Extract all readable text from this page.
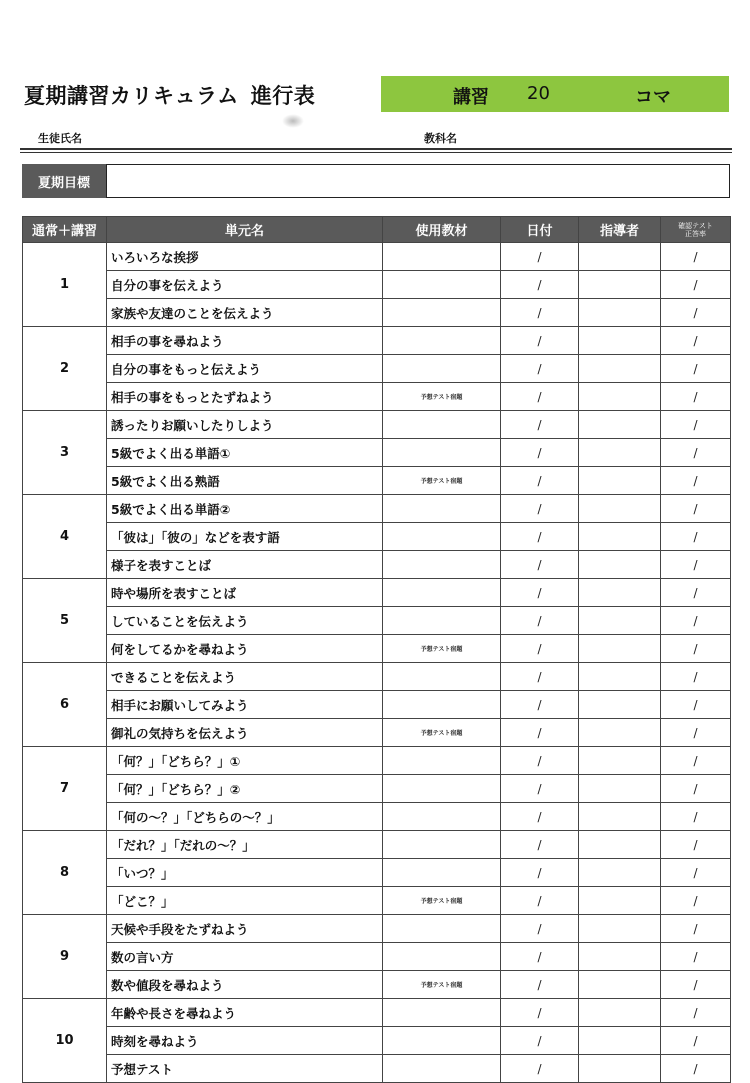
夏期講習カリキュラム 進行表	講習 20	コマ
生徒氏名	教科名
夏期目標
通常＋講習	単元名	使用教材	日付	指導者	確認テスト
正答率
1	いろいろな挨拶		/		/
	自分の事を伝えよう		/		/
	家族や友達のことを伝えよう		/		/
2	相手の事を尋ねよう		/		/
	自分の事をもっと伝えよう		/		/
	相手の事をもっとたずねよう	予想テスト宿題	/		/
3	誘ったりお願いしたりしよう		/		/
	5級でよく出る単語①		/		/
	5級でよく出る熟語	予想テスト宿題	/		/
4	5級でよく出る単語②		/		/
	「彼は」「彼の」などを表す語		/		/
	様子を表すことば		/		/
5	時や場所を表すことば		/		/
	していることを伝えよう		/		/
	何をしてるかを尋ねよう	予想テスト宿題	/		/
6	できることを伝えよう		/		/
	相手にお願いしてみよう		/		/
	御礼の気持ちを伝えよう	予想テスト宿題	/		/
7	「何？」「どちら？」①		/		/
	「何？」「どちら？」②		/		/
	「何の～？」「どちらの～？」		/		/
8	「だれ？」「だれの～？」		/		/
	「いつ？」		/		/
	「どこ？」	予想テスト宿題	/		/
9	天候や手段をたずねよう		/		/
	数の言い方		/		/
	数や値段を尋ねよう	予想テスト宿題	/		/
10	年齢や長さを尋ねよう		/		/
	時刻を尋ねよう		/		/
	予想テスト		/		/
